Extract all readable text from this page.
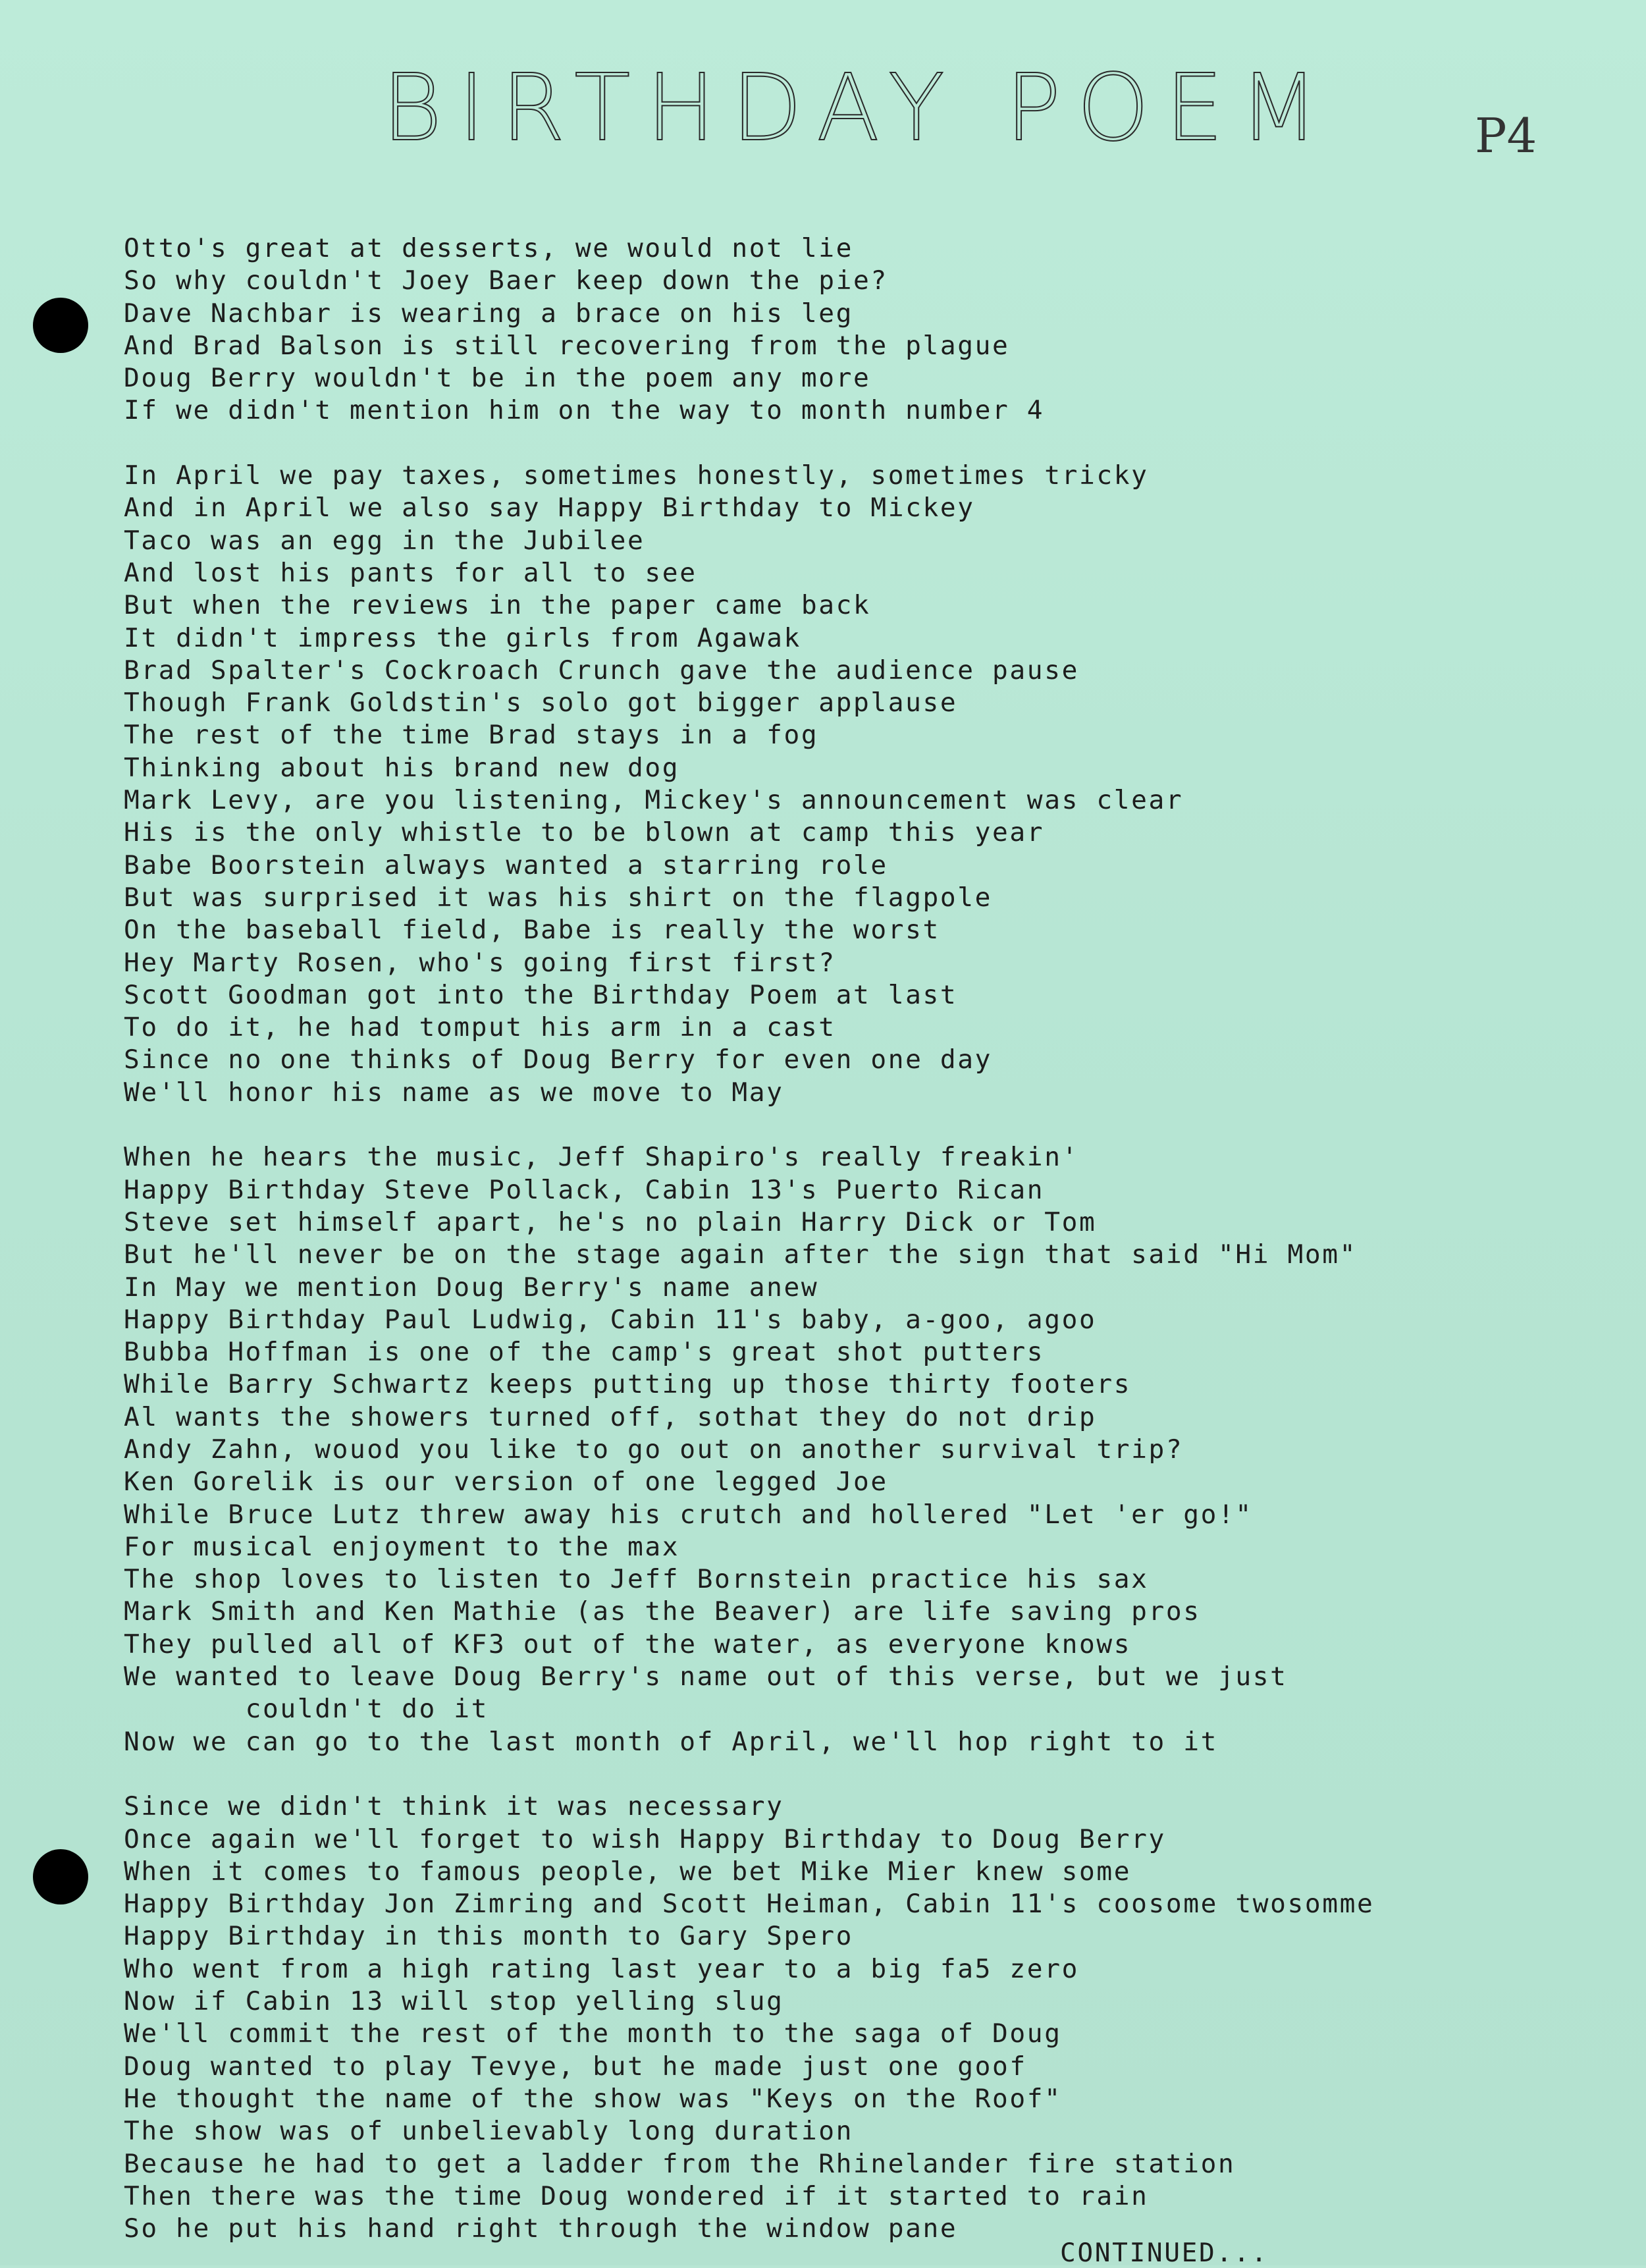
BIRTHDAY POEM	P4
Otto's great at desserts, we would not lie
So why couldn't Joey Baer keep down the pie?
Dave Nachbar is wearing a brace on his leg
And Brad Balson is still recovering from the plague
Doug Berry wouldn't be in the poem any more
If we didn't mention him on the way to month number 4
In April we pay taxes, sometimes honestly, sometimes tricky
And in April we also say Happy Birthday to Mickey
Taco was an egg in the Jubilee
And lost his pants for all to see
But when the reviews in the paper came back
It didn't impress the girls from Agawak
Brad Spalter's Cockroach Crunch gave the audience pause
Though Frank Goldstin's solo got bigger applause
The rest of the time Brad stays in a fog
Thinking about his brand new dog
Mark Levy, are you listening, Mickey's announcement was clear
His is the only whistle to be blown at camp this year
Babe Boorstein always wanted a starring role
But was surprised it was his shirt on the flagpole
On the baseball field, Babe is really the worst
Hey Marty Rosen, who's going first first?
Scott Goodman got into the Birthday Poem at last
To do it, he had tomput his arm in a cast
Since no one thinks of Doug Berry for even one day
We'll honor his name as we move to May
When he hears the music, Jeff Shapiro's really freakin'
Happy Birthday Steve Pollack, Cabin 13's Puerto Rican
Steve set himself apart, he's no plain Harry Dick or Tom
But he'll never be on the stage again after the sign that said "Hi Mom"
In May we mention Doug Berry's name anew
Happy Birthday Paul Ludwig, Cabin 11's baby, a-goo, agoo
Bubba Hoffman is one of the camp's great shot putters
While Barry Schwartz keeps putting up those thirty footers
Al wants the showers turned off, sothat they do not drip
Andy Zahn, wouod you like to go out on another survival trip?
Ken Gorelik is our version of one legged Joe
While Bruce Lutz threw away his crutch and hollered "Let 'er go!"
For musical enjoyment to the max
The shop loves to listen to Jeff Bornstein practice his sax
Mark Smith and Ken Mathie (as the Beaver) are life saving pros
They pulled all of KF3 out of the water, as everyone knows
We wanted to leave Doug Berry's name out of this verse, but we just
couldn't do it
Now we can go to the last month of April, we'll hop right to it
Since we didn't think it was necessary
Once again we'll forget to wish Happy Birthday to Doug Berry
When it comes to famous people, we bet Mike Mier knew some
Happy Birthday Jon Zimring and Scott Heiman, Cabin 11's coosome twosomme
Happy Birthday in this month to Gary Spero
Who went from a high rating last year to a big fa5 zero
Now if Cabin 13 will stop yelling slug
We'll commit the rest of the month to the saga of Doug
Doug wanted to play Tevye, but he made just one goof
He thought the name of the show was "Keys on the Roof"
The show was of unbelievably long duration
Because he had to get a ladder from the Rhinelander fire station
Then there was the time Doug wondered if it started to rain
So he put his hand right through the window pane
CONTINUED...
